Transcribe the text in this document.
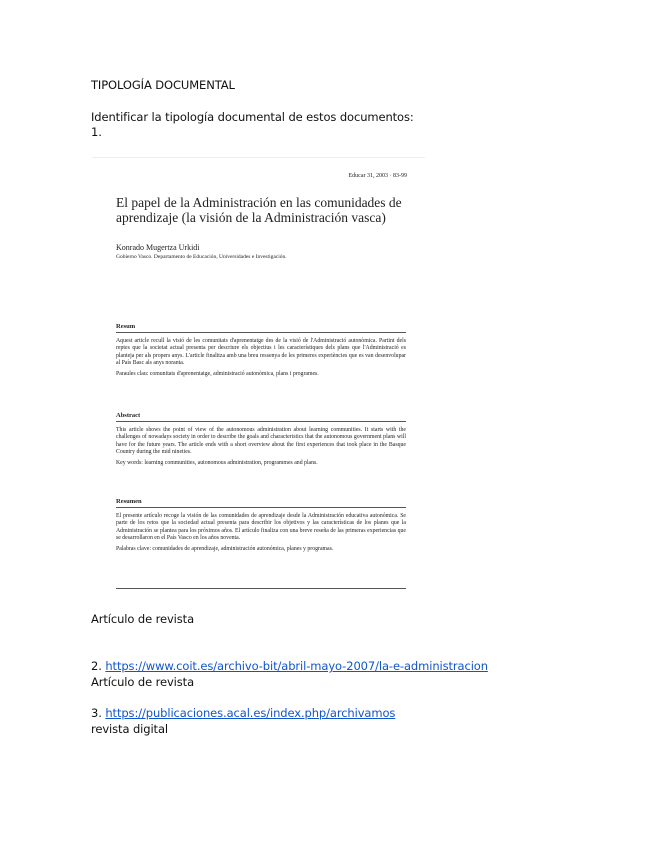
TIPOLOGÍA DOCUMENTAL
Identificar la tipología documental de estos documentos:
1.
Educar 31, 2003 · 83-99
El papel de la Administración en las comunidades de aprendizaje (la visión de la Administración vasca)
Konrado Mugertza Urkidi
Gobierno Vasco. Departamento de Educación, Universidades e Investigación.
Resum
Aquest article recull la visió de les comunitats d'aprenentatge des de la visió de l'Administració autonòmica. Partint dels reptes que la societat actual presenta per descriure els objectius i les característiques dels plans que l'Administració es planteja per als propers anys. L'article finalitza amb una breu ressenya de les primeres experiències que es van desenvolupar al País Basc als anys noranta.
Paraules clau: comunitats d'aprenentatge, administració autonòmica, plans i programes.
Abstract
This article shows the point of view of the autonomous administration about learning communities. It starts with the challenges of nowadays society in order to describe the goals and characteristics that the autonomous government plans will have for the future years. The article ends with a short overview about the first experiences that took place in the Basque Country during the mid nineties.
Key words: learning communities, autonomous administration, programmes and plans.
Resumen
El presente artículo recoge la visión de las comunidades de aprendizaje desde la Administración educativa autonómica. Se parte de los retos que la sociedad actual presenta para describir los objetivos y las características de los planes que la Administración se plantea para los próximos años. El artículo finaliza con una breve reseña de las primeras experiencias que se desarrollaron en el País Vasco en los años noventa.
Palabras clave: comunidades de aprendizaje, administración autonómica, planes y programas.
Artículo de revista
2. https://www.coit.es/archivo-bit/abril-mayo-2007/la-e-administracion
Artículo de revista
3. https://publicaciones.acal.es/index.php/archivamos
revista digital
